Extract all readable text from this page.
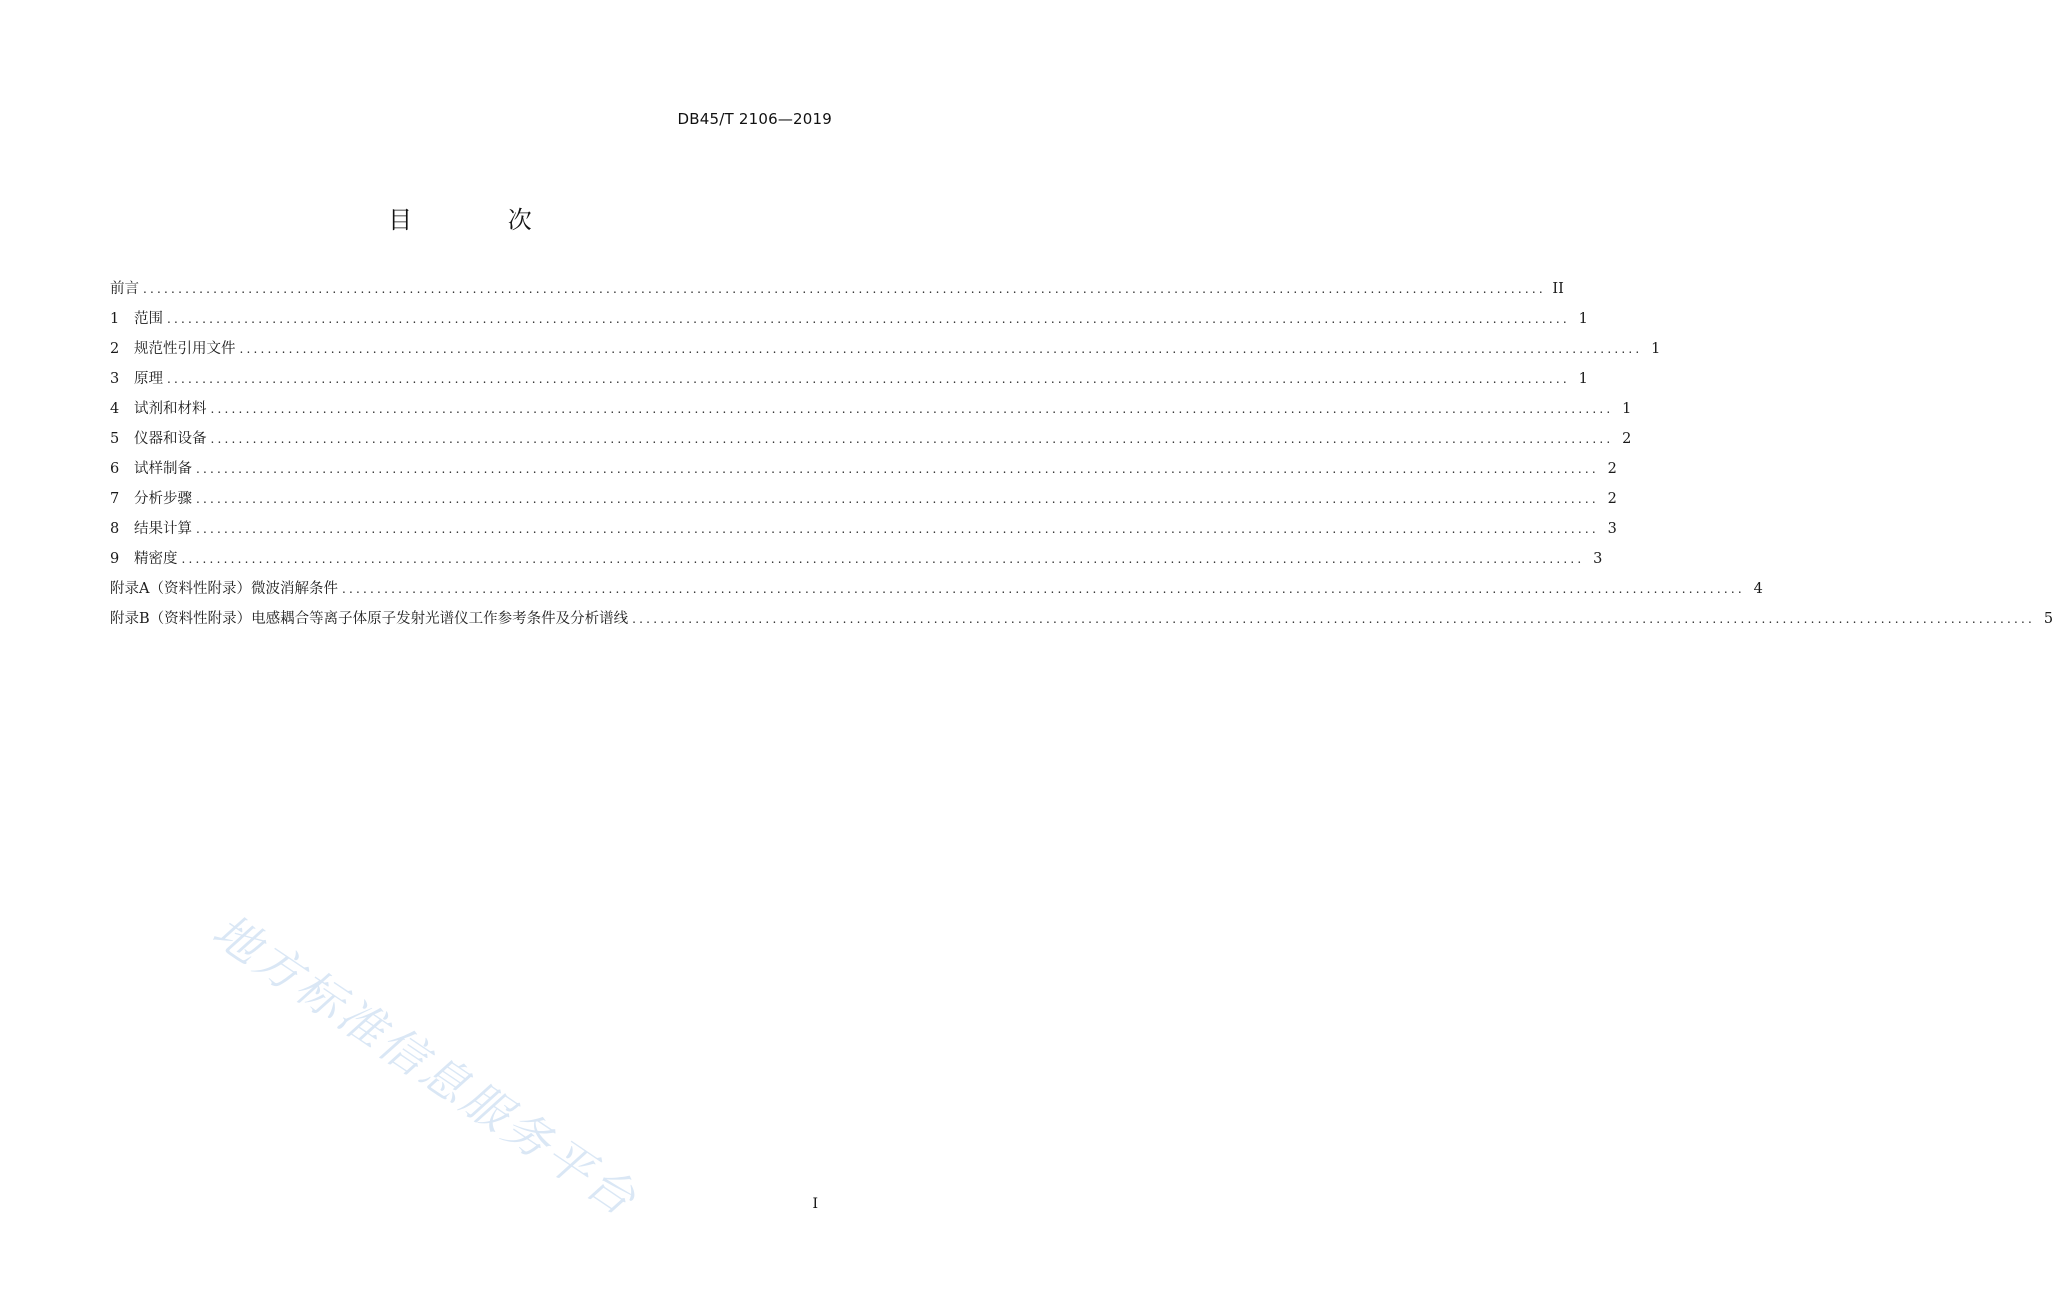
DB45/T 2106—2019
目 次
前言 ........................................................................................................................................................................................................ II
1	范围 ........................................................................................................................................................................................................ 1
2	规范性引用文件 ........................................................................................................................................................................................................ 1
3	原理 ........................................................................................................................................................................................................ 1
4	试剂和材料 ........................................................................................................................................................................................................ 1
5	仪器和设备 ........................................................................................................................................................................................................ 2
6	试样制备 ........................................................................................................................................................................................................ 2
7	分析步骤 ........................................................................................................................................................................................................ 2
8	结果计算 ........................................................................................................................................................................................................ 3
9	精密度 ........................................................................................................................................................................................................ 3
附录A（资料性附录）微波消解条件 ........................................................................................................................................................................................................ 4
附录B（资料性附录）电感耦合等离子体原子发射光谱仪工作参考条件及分析谱线 ........................................................................................................................................................................................................ 5
地方标准信息服务平台	I
